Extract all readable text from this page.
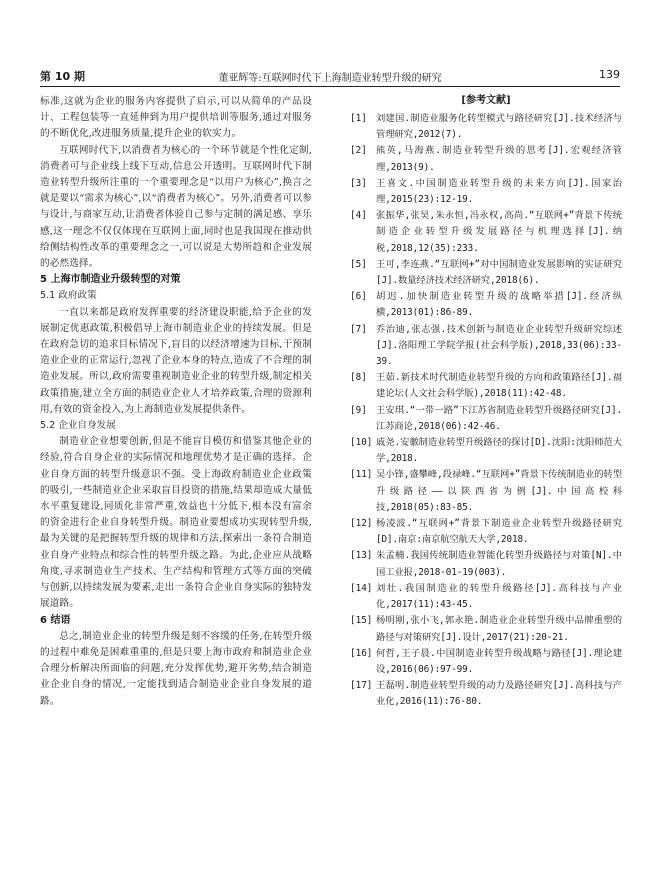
第 10 期	董亚辉等:互联网时代下上海制造业转型升级的研究	139

标准,这就为企业的服务内容提供了启示,可以从简单的产品设计、工程包装等一直延伸到为用户提供培训等服务,通过对服务的不断优化,改进服务质量,提升企业的软实力。

互联网时代下,以消费者为核心的一个环节就是个性化定制,消费者可与企业线上线下互动,信息公开透明。互联网时代下制造业转型升级所注重的一个重要理念是“以用户为核心”,换言之就是要以“需求为核心”,以“消费者为核心”。另外,消费者可以参与设计,与商家互动,让消费者体验自己参与定制的满足感、享乐感,这一理念不仅仅体现在互联网上面,同时也是我国现在推动供给侧结构性改革的重要理念之一,可以说是大势所趋和企业发展的必然选择。

5 上海市制造业升级转型的对策

5.1 政府政策

一直以来都是政府发挥重要的经济建设职能,给予企业的发展制定优惠政策,积极倡导上海市制造业企业的持续发展。但是在政府急切的追求目标情况下,盲目的以经济增速为目标,干预制造业企业的正常运行,忽视了企业本身的特点,造成了不合理的制造业发展。所以,政府需要重视制造业企业的转型升级,制定相关政策措施,建立全方面的制造业企业人才培养政策,合理的资源利用,有效的资金投入,为上海制造业发展提供条件。

5.2 企业自身发展

制造业企业想要创新,但是不能盲目模仿和借鉴其他企业的经验,符合自身企业的实际情况和地理优势才是正确的选择。企业自身方面的转型升级意识不强。受上海政府制造业企业政策的吸引,一些制造业企业采取盲目投资的措施,结果却造成大量低水平重复建设,同质化非常严重,效益也十分低下,根本没有富余的资金进行企业自身转型升级。制造业要想成功实现转型升级,最为关键的是把握转型升级的规律和方法,探索出一条符合制造业自身产业特点和综合性的转型升级之路。为此,企业应从战略角度,寻求制造业生产技术、生产结构和管理方式等方面的突破与创新,以持续发展为要素,走出一条符合企业自身实际的独特发展道路。

6 结语

总之,制造业企业的转型升级是刻不容缓的任务,在转型升级的过程中难免是困难重重的,但是只要上海市政府和制造业企业合理分析解决所面临的问题,充分发挥优势,避开劣势,结合制造业企业自身的情况,一定能找到适合制造业企业自身发展的道路。

[参考文献]

[1] 刘建国.制造业服务化转型模式与路径研究[J].技术经济与管理研究,2012(7).
[2] 熊英,马海燕.制造业转型升级的思考[J].宏观经济管理,2013(9).
[3] 王喜文.中国制造业转型升级的未来方向[J].国家治理,2015(23):12-19.
[4] 张振华,张昊,朱永恒,冯永权,高尚.“互联网+”背景下传统制造企业转型升级发展路径与机理选择[J].纳税,2018,12(35):233.
[5] 王可,李连燕.“互联网+”对中国制造业发展影响的实证研究[J].数量经济技术经济研究,2018(6).
[6] 胡迟.加快制造业转型升级的战略举措[J].经济纵横,2013(01):86-89.
[7] 乔治迪,张志强.技术创新与制造业企业转型升级研究综述[J].洛阳理工学院学报(社会科学版),2018,33(06):33-39.
[8] 王茹.新技术时代制造业转型升级的方向和政策路径[J].福建论坛(人文社会科学版),2018(11):42-48.
[9] 王安琪.“一带一路”下江苏省制造业转型升级路径研究[J].江苏商论,2018(06):42-46.
[10] 戚尧.安徽制造业转型升级路径的探讨[D].沈阳:沈阳师范大学,2018.
[11] 吴小锋,盛攀峰,段禄峰.“互联网+”背景下传统制造业的转型升级路径——以陕西省为例[J].中国高校科技,2018(05):83-85.
[12] 杨凌波.“互联网+”背景下制造业企业转型升级路径研究[D].南京:南京航空航天大学,2018.
[13] 朱孟楠.我国传统制造业智能化转型升级路径与对策[N].中国工业报,2018-01-19(003).
[14] 刘壮.我国制造业的转型升级路径[J].高科技与产业化,2017(11):43-45.
[15] 杨明刚,张小飞,郭永艳.制造业企业转型升级中品牌重塑的路径与对策研究[J].设计,2017(21):20-21.
[16] 何哲,王子晨.中国制造业转型升级战略与路径[J].理论建设,2016(06):97-99.
[17] 王磊明.制造业转型升级的动力及路径研究[J].高科技与产业化,2016(11):76-80.
